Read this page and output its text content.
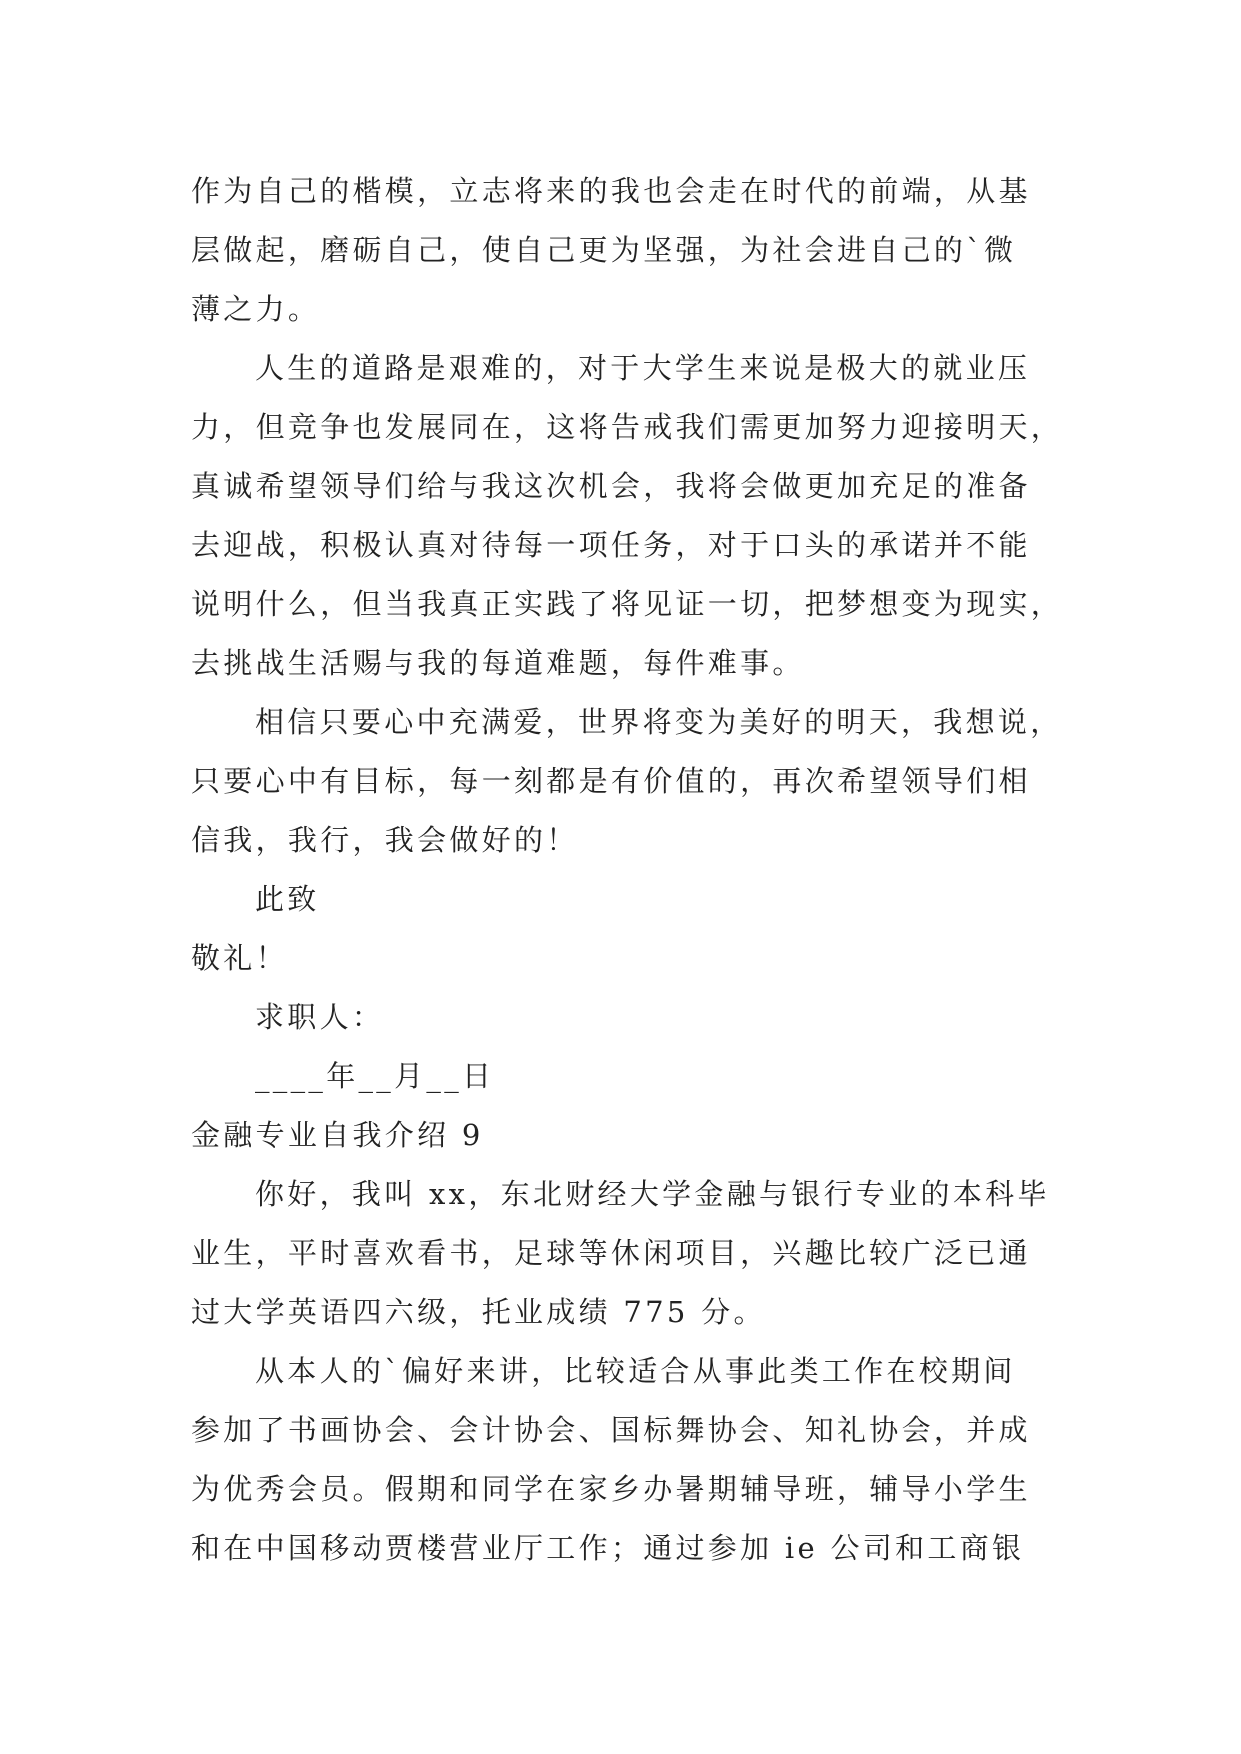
作为自己的楷模，立志将来的我也会走在时代的前端，从基
层做起，磨砺自己，使自己更为坚强，为社会进自己的`微
薄之力。
人生的道路是艰难的，对于大学生来说是极大的就业压
力，但竞争也发展同在，这将告戒我们需更加努力迎接明天，
真诚希望领导们给与我这次机会，我将会做更加充足的准备
去迎战，积极认真对待每一项任务，对于口头的承诺并不能
说明什么，但当我真正实践了将见证一切，把梦想变为现实，
去挑战生活赐与我的每道难题，每件难事。
相信只要心中充满爱，世界将变为美好的明天，我想说，
只要心中有目标，每一刻都是有价值的，再次希望领导们相
信我，我行，我会做好的！
此致
敬礼！
求职人：
____年__月__日
金融专业自我介绍 9
你好，我叫 xx，东北财经大学金融与银行专业的本科毕
业生，平时喜欢看书，足球等休闲项目，兴趣比较广泛已通
过大学英语四六级，托业成绩 775 分。
从本人的`偏好来讲，比较适合从事此类工作在校期间
参加了书画协会、会计协会、国标舞协会、知礼协会，并成
为优秀会员。假期和同学在家乡办暑期辅导班，辅导小学生
和在中国移动贾楼营业厅工作；通过参加 ie 公司和工商银
